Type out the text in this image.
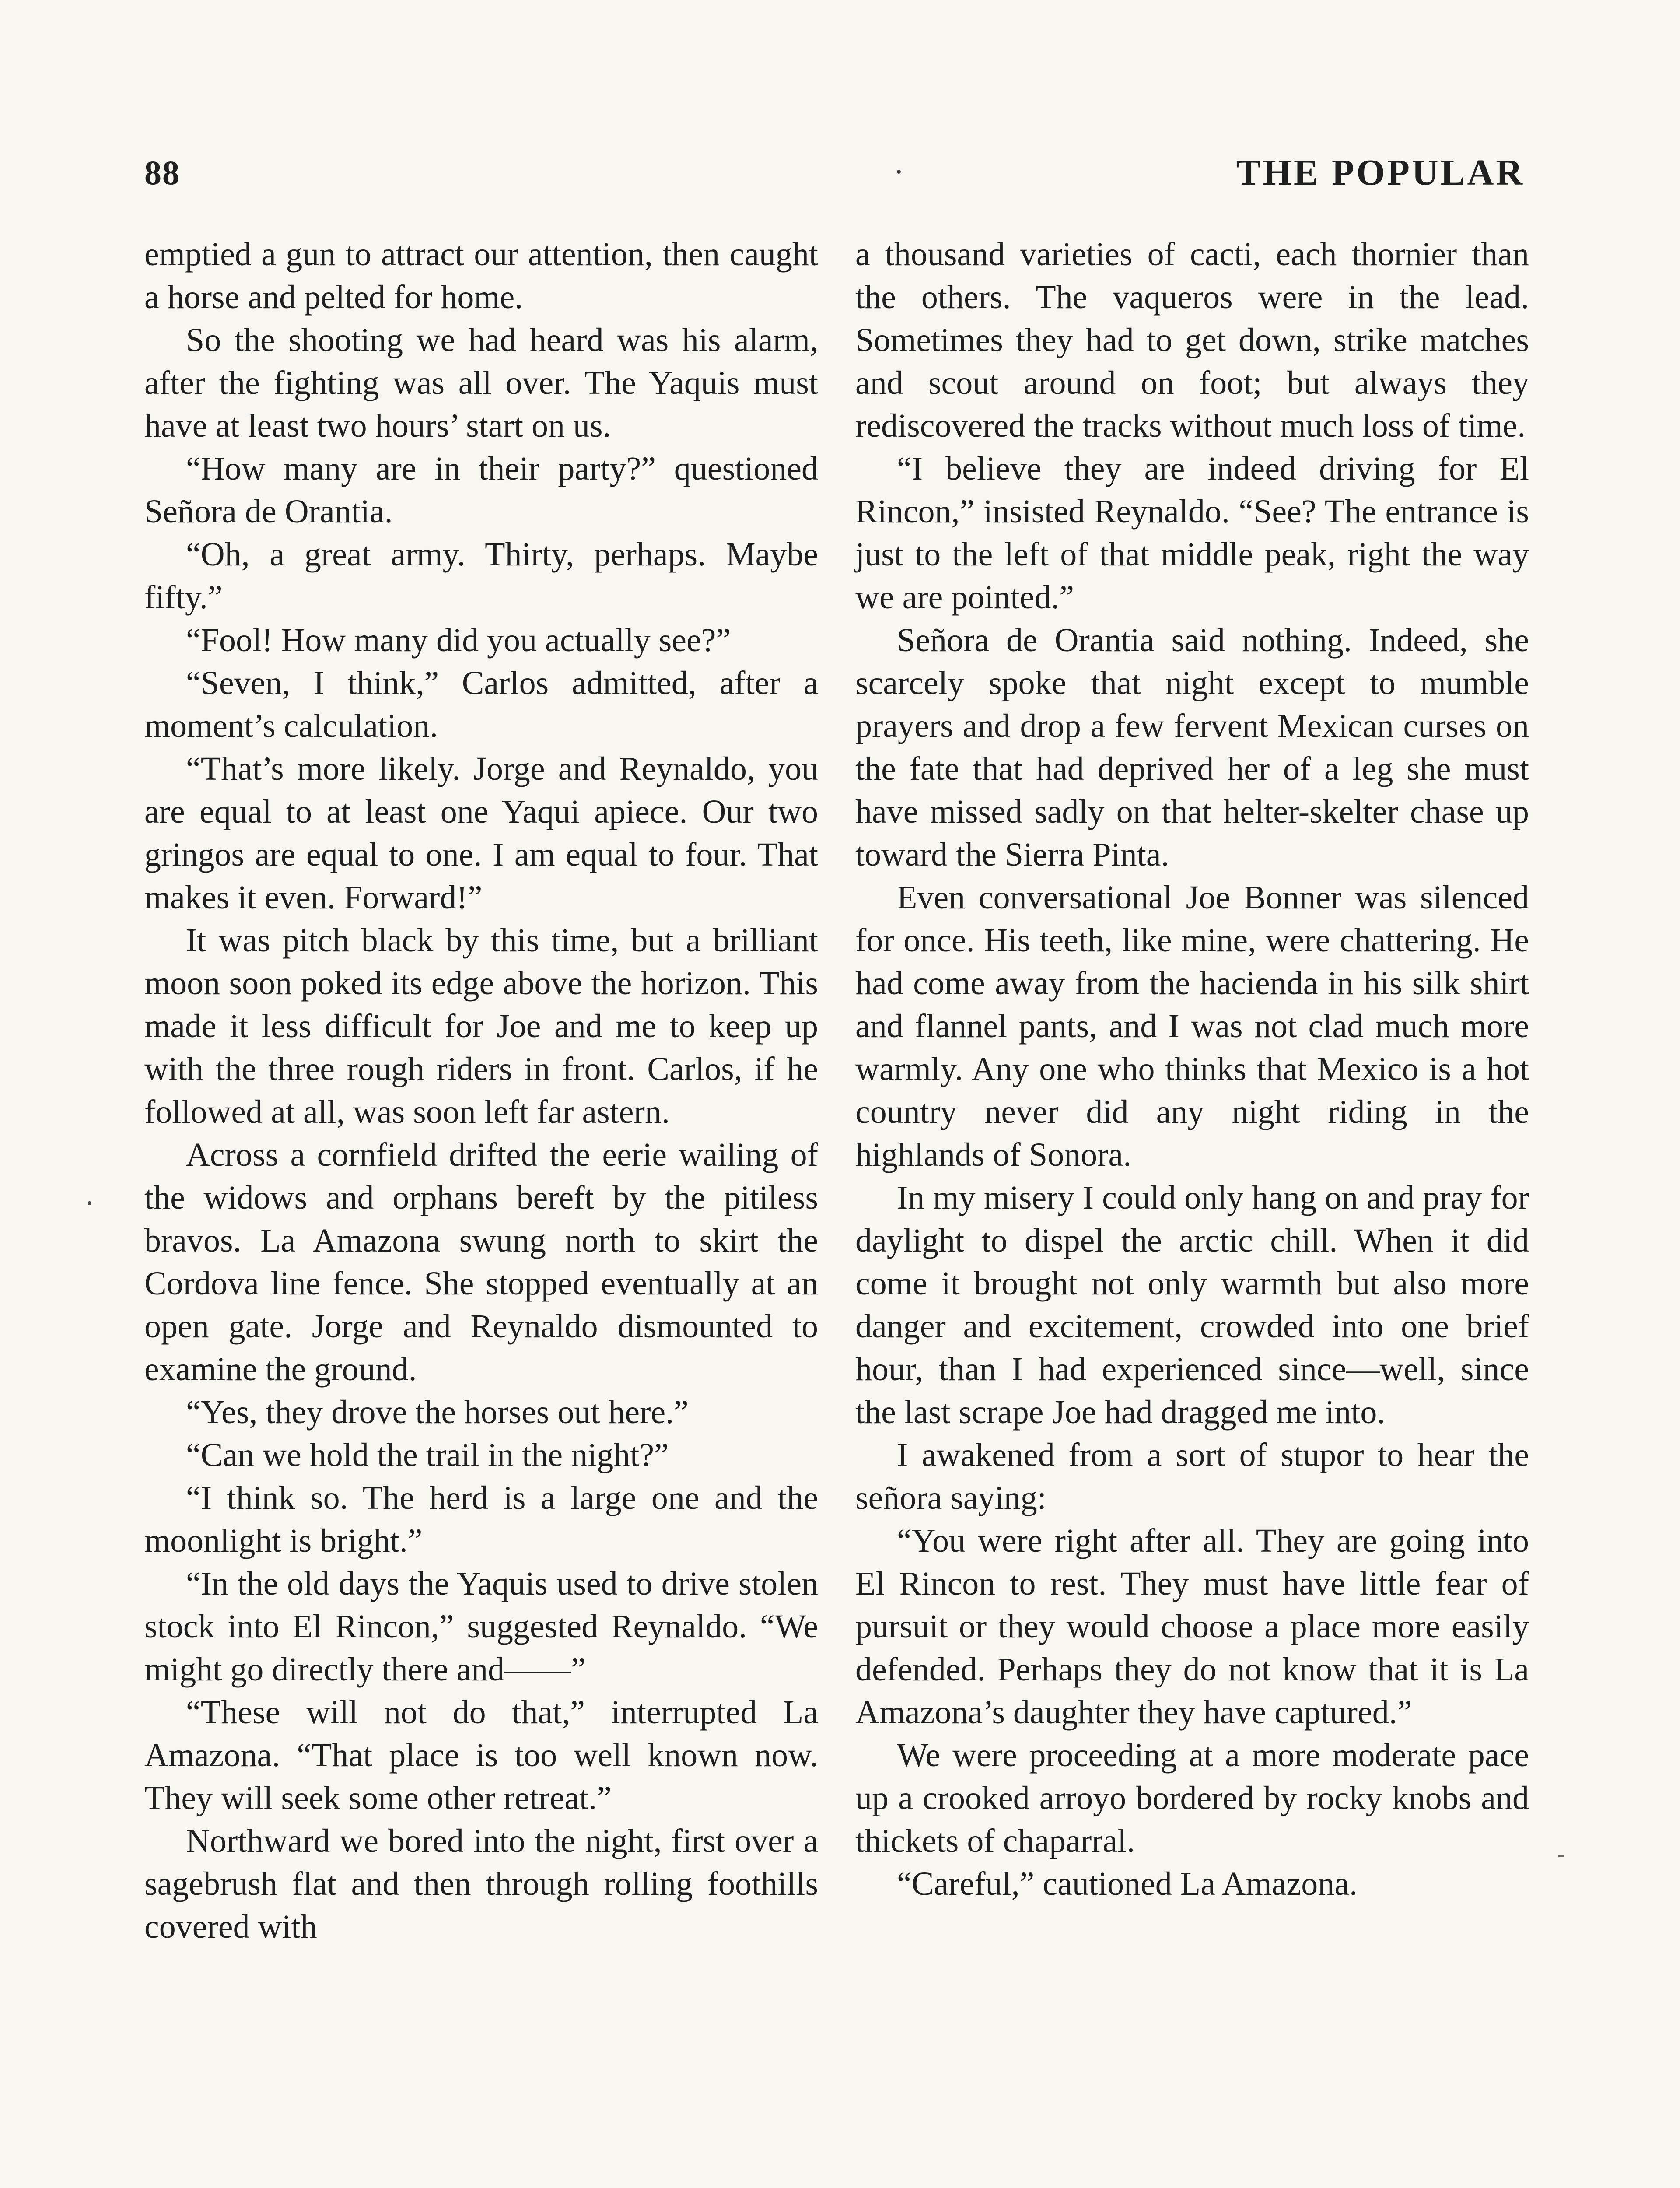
88	THE POPULAR

emptied a gun to attract our attention, then caught a horse and pelted for home.

So the shooting we had heard was his alarm, after the fighting was all over. The Yaquis must have at least two hours’ start on us.

“How many are in their party?” questioned Señora de Orantia.

“Oh, a great army. Thirty, perhaps. Maybe fifty.”

“Fool! How many did you actually see?”

“Seven, I think,” Carlos admitted, after a moment’s calculation.

“That’s more likely. Jorge and Reynaldo, you are equal to at least one Yaqui apiece. Our two gringos are equal to one. I am equal to four. That makes it even. Forward!”

It was pitch black by this time, but a brilliant moon soon poked its edge above the horizon. This made it less difficult for Joe and me to keep up with the three rough riders in front. Carlos, if he followed at all, was soon left far astern.

Across a cornfield drifted the eerie wailing of the widows and orphans bereft by the pitiless bravos. La Amazona swung north to skirt the Cordova line fence. She stopped eventually at an open gate. Jorge and Reynaldo dismounted to examine the ground.

“Yes, they drove the horses out here.”

“Can we hold the trail in the night?”

“I think so. The herd is a large one and the moonlight is bright.”

“In the old days the Yaquis used to drive stolen stock into El Rincon,” suggested Reynaldo. “We might go directly there and——”

“These will not do that,” interrupted La Amazona. “That place is too well known now. They will seek some other retreat.”

Northward we bored into the night, first over a sagebrush flat and then through rolling foothills covered with

a thousand varieties of cacti, each thornier than the others. The vaqueros were in the lead. Sometimes they had to get down, strike matches and scout around on foot; but always they rediscovered the tracks without much loss of time.

“I believe they are indeed driving for El Rincon,” insisted Reynaldo. “See? The entrance is just to the left of that middle peak, right the way we are pointed.”

Señora de Orantia said nothing. Indeed, she scarcely spoke that night except to mumble prayers and drop a few fervent Mexican curses on the fate that had deprived her of a leg she must have missed sadly on that helter-skelter chase up toward the Sierra Pinta.

Even conversational Joe Bonner was silenced for once. His teeth, like mine, were chattering. He had come away from the hacienda in his silk shirt and flannel pants, and I was not clad much more warmly. Any one who thinks that Mexico is a hot country never did any night riding in the highlands of Sonora.

In my misery I could only hang on and pray for daylight to dispel the arctic chill. When it did come it brought not only warmth but also more danger and excitement, crowded into one brief hour, than I had experienced since—well, since the last scrape Joe had dragged me into.

I awakened from a sort of stupor to hear the señora saying:

“You were right after all. They are going into El Rincon to rest. They must have little fear of pursuit or they would choose a place more easily defended. Perhaps they do not know that it is La Amazona’s daughter they have captured.”

We were proceeding at a more moderate pace up a crooked arroyo bordered by rocky knobs and thickets of chaparral.

“Careful,” cautioned La Amazona.
